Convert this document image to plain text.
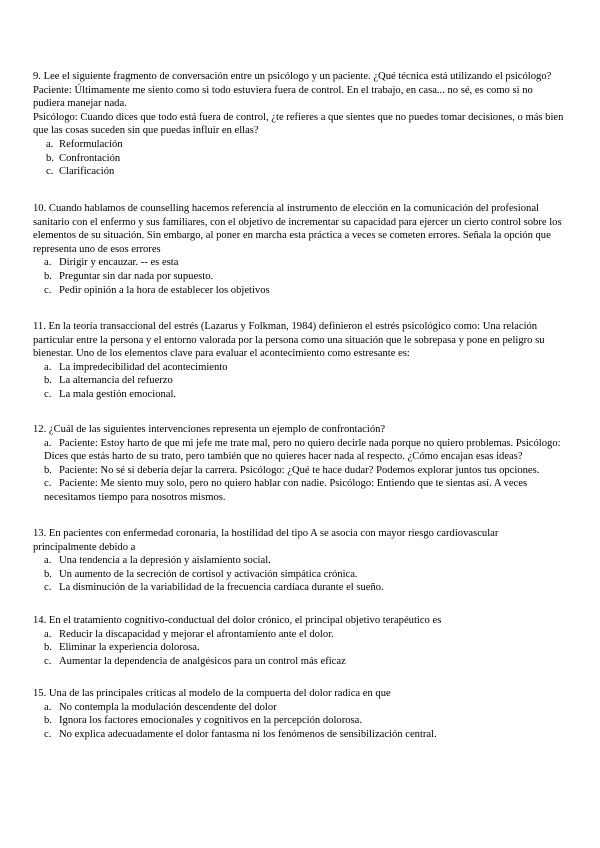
9. Lee el siguiente fragmento de conversación entre un psicólogo y un paciente. ¿Qué técnica está utilizando el psicólogo?
Paciente: Últimamente me siento como si todo estuviera fuera de control. En el trabajo, en casa... no sé, es como si no
pudiera manejar nada.
Psicólogo: Cuando dices que todo está fuera de control, ¿te refieres a que sientes que no puedes tomar decisiones, o más bien
que las cosas suceden sin que puedas influir en ellas?

a. Reformulación
b. Confrontación
c. Clarificación

10. Cuando hablamos de counselling hacemos referencia al instrumento de elección en la comunicación del profesional
sanitario con el enfermo y sus familiares, con el objetivo de incrementar su capacidad para ejercer un cierto control sobre los
elementos de su situación. Sin embargo, al poner en marcha esta práctica a veces se cometen errores. Señala la opción que
representa uno de esos errores

a. Dirigir y encauzar. -- es esta
b. Preguntar sin dar nada por supuesto.
c. Pedir opinión a la hora de establecer los objetivos

11. En la teoría transaccional del estrés (Lazarus y Folkman, 1984) definieron el estrés psicológico como: Una relación
particular entre la persona y el entorno valorada por la persona como una situación que le sobrepasa y pone en peligro su
bienestar. Uno de los elementos clave para evaluar el acontecimiento como estresante es:

a. La impredecibilidad del acontecimiento
b. La alternancia del refuerzo
c. La mala gestión emocional.

12. ¿Cuál de las siguientes intervenciones representa un ejemplo de confrontación?

a. Paciente: Estoy harto de que mi jefe me trate mal, pero no quiero decirle nada porque no quiero problemas. Psicólogo:
Dices que estás harto de su trato, pero también que no quieres hacer nada al respecto. ¿Cómo encajan esas ideas?
b. Paciente: No sé si debería dejar la carrera. Psicólogo: ¿Qué te hace dudar? Podemos explorar juntos tus opciones.
c. Paciente: Me siento muy solo, pero no quiero hablar con nadie. Psicólogo: Entiendo que te sientas así. A veces
necesitamos tiempo para nosotros mismos.

13. En pacientes con enfermedad coronaria, la hostilidad del tipo A se asocia con mayor riesgo cardiovascular
principalmente debido a

a. Una tendencia a la depresión y aislamiento social.
b. Un aumento de la secreción de cortisol y activación simpática crónica.
c. La disminución de la variabilidad de la frecuencia cardíaca durante el sueño.

14. En el tratamiento cognitivo-conductual del dolor crónico, el principal objetivo terapéutico es

a. Reducir la discapacidad y mejorar el afrontamiento ante el dolor.
b. Eliminar la experiencia dolorosa.
c. Aumentar la dependencia de analgésicos para un control más eficaz

15. Una de las principales críticas al modelo de la compuerta del dolor radica en que

a. No contempla la modulación descendente del dolor
b. Ignora los factores emocionales y cognitivos en la percepción dolorosa.
c. No explica adecuadamente el dolor fantasma ni los fenómenos de sensibilización central.
